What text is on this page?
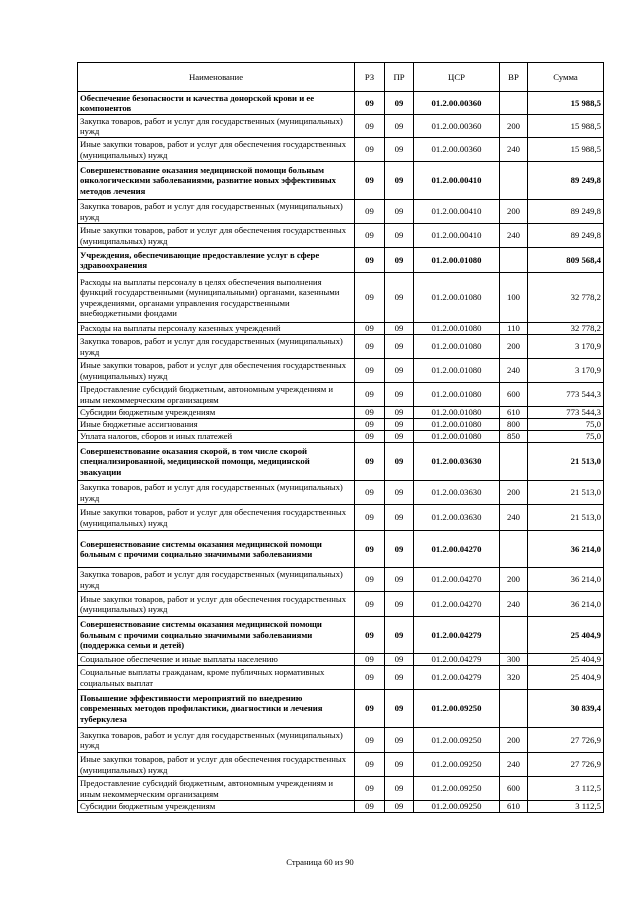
Наименование	РЗ	ПР	ЦСР	ВР	Сумма
Обеспечение безопасности и качества донорской крови и ее компонентов	09	09	01.2.00.00360		15 988,5
Закупка товаров, работ и услуг для государственных (муниципальных) нужд	09	09	01.2.00.00360	200	15 988,5
Иные закупки товаров, работ и услуг для обеспечения государственных (муниципальных) нужд	09	09	01.2.00.00360	240	15 988,5
Совершенствование оказания медицинской помощи больным онкологическими заболеваниями, развитие новых эффективных методов лечения	09	09	01.2.00.00410		89 249,8
Закупка товаров, работ и услуг для государственных (муниципальных) нужд	09	09	01.2.00.00410	200	89 249,8
Иные закупки товаров, работ и услуг для обеспечения государственных (муниципальных) нужд	09	09	01.2.00.00410	240	89 249,8
Учреждения, обеспечивающие предоставление услуг в сфере здравоохранения	09	09	01.2.00.01080		809 568,4
Расходы на выплаты персоналу в целях обеспечения выполнения функций государственными (муниципальными) органами, казенными учреждениями, органами управления государственными внебюджетными фондами	09	09	01.2.00.01080	100	32 778,2
Расходы на выплаты персоналу казенных учреждений	09	09	01.2.00.01080	110	32 778,2
Закупка товаров, работ и услуг для государственных (муниципальных) нужд	09	09	01.2.00.01080	200	3 170,9
Иные закупки товаров, работ и услуг для обеспечения государственных (муниципальных) нужд	09	09	01.2.00.01080	240	3 170,9
Предоставление субсидий бюджетным, автономным учреждениям и иным некоммерческим организациям	09	09	01.2.00.01080	600	773 544,3
Субсидии бюджетным учреждениям	09	09	01.2.00.01080	610	773 544,3
Иные бюджетные ассигнования	09	09	01.2.00.01080	800	75,0
Уплата налогов, сборов и иных платежей	09	09	01.2.00.01080	850	75,0
Совершенствование оказания скорой, в том числе скорой специализированной, медицинской помощи, медицинской эвакуации	09	09	01.2.00.03630		21 513,0
Закупка товаров, работ и услуг для государственных (муниципальных) нужд	09	09	01.2.00.03630	200	21 513,0
Иные закупки товаров, работ и услуг для обеспечения государственных (муниципальных) нужд	09	09	01.2.00.03630	240	21 513,0
Совершенствование системы оказания медицинской помощи больным с прочими социально значимыми заболеваниями	09	09	01.2.00.04270		36 214,0
Закупка товаров, работ и услуг для государственных (муниципальных) нужд	09	09	01.2.00.04270	200	36 214,0
Иные закупки товаров, работ и услуг для обеспечения государственных (муниципальных) нужд	09	09	01.2.00.04270	240	36 214,0
Совершенствование системы оказания медицинской помощи больным с прочими социально значимыми заболеваниями (поддержка семьи и детей)	09	09	01.2.00.04279		25 404,9
Социальное обеспечение и иные выплаты населению	09	09	01.2.00.04279	300	25 404,9
Социальные выплаты гражданам, кроме публичных нормативных социальных выплат	09	09	01.2.00.04279	320	25 404,9
Повышение эффективности мероприятий по внедрению современных методов профилактики, диагностики и лечения туберкулеза	09	09	01.2.00.09250		30 839,4
Закупка товаров, работ и услуг для государственных (муниципальных) нужд	09	09	01.2.00.09250	200	27 726,9
Иные закупки товаров, работ и услуг для обеспечения государственных (муниципальных) нужд	09	09	01.2.00.09250	240	27 726,9
Предоставление субсидий бюджетным, автономным учреждениям и иным некоммерческим организациям	09	09	01.2.00.09250	600	3 112,5
Субсидии бюджетным учреждениям	09	09	01.2.00.09250	610	3 112,5
Страница 60 из 90
